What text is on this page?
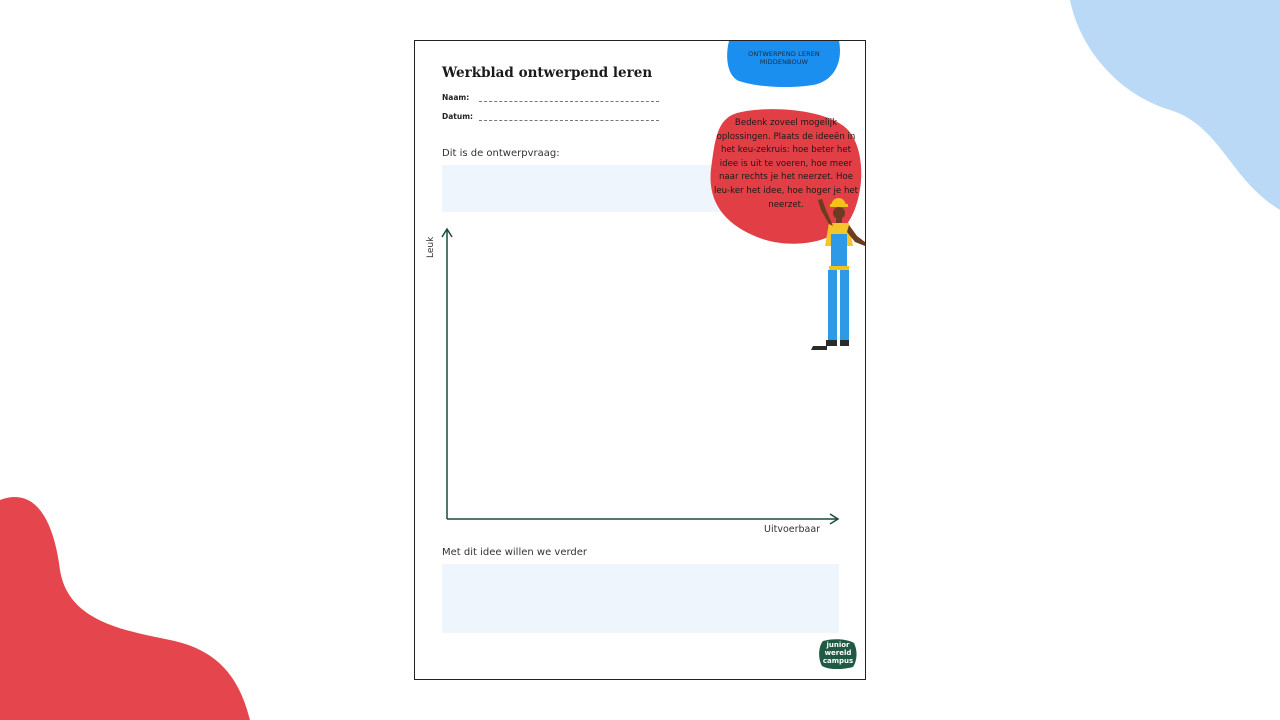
ONTWERPEND LEREN
MIDDENBOUW
Werkblad ontwerpend leren
Naam:
Datum:
Dit is de ontwerpvraag:
Bedenk zoveel mogelijk oplossingen. Plaats de ideeën in het keu-zekruis: hoe beter het idee is uit te voeren, hoe meer naar rechts je het neerzet. Hoe leu-ker het idee, hoe hoger je het neerzet.
Leuk
Uitvoerbaar
Met dit idee willen we verder
junior
wereld
campus
